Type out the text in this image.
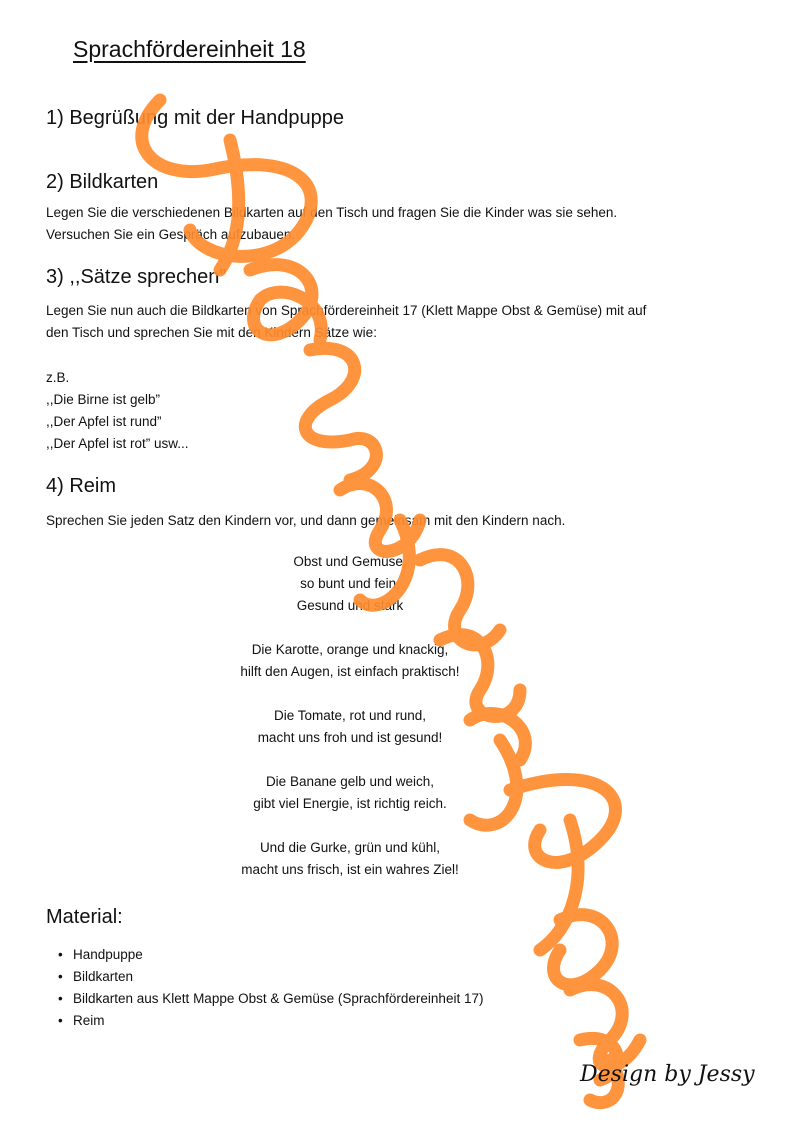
Sprachfördereinheit 18
1) Begrüßung mit der Handpuppe
2) Bildkarten
Legen Sie die verschiedenen Bildkarten auf den Tisch und fragen Sie die Kinder was sie sehen.
Versuchen Sie ein Gespräch aufzubauen.
3) ,,Sätze sprechen”
Legen Sie nun auch die Bildkarten von Sprachfördereinheit 17 (Klett Mappe Obst & Gemüse) mit auf
den Tisch und sprechen Sie mit den Kindern Sätze wie:
z.B.
,,Die Birne ist gelb”
,,Der Apfel ist rund”
,,Der Apfel ist rot” usw...
4) Reim
Sprechen Sie jeden Satz den Kindern vor, und dann gemeinsam mit den Kindern nach.
Obst und Gemüse,
so bunt und fein,
Gesund und stark
Die Karotte, orange und knackig,
hilft den Augen, ist einfach praktisch!
Die Tomate, rot und rund,
macht uns froh und ist gesund!
Die Banane gelb und weich,
gibt viel Energie, ist richtig reich.
Und die Gurke, grün und kühl,
macht uns frisch, ist ein wahres Ziel!
Material:
• Handpuppe
• Bildkarten
• Bildkarten aus Klett Mappe Obst & Gemüse (Sprachfördereinheit 17)
• Reim
Design by Jessy
